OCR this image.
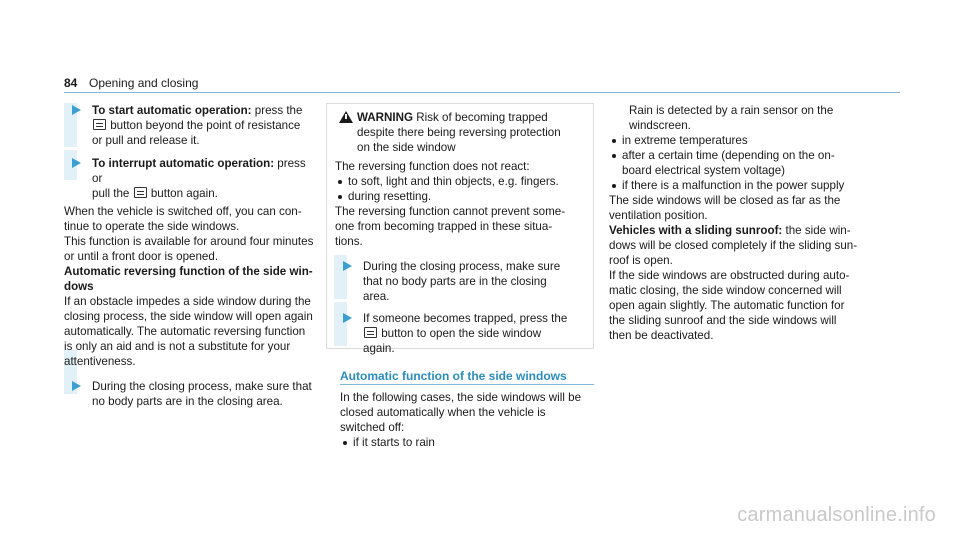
84 Opening and closing

To start automatic operation: press the

button beyond the point of resistance

or pull and release it.

To interrupt automatic operation: press or

pull the  button again.

When the vehicle is switched off, you can con-

tinue to operate the side windows.

This function is available for around four minutes

or until a front door is opened.

Automatic reversing function of the side win-

dows

If an obstacle impedes a side window during the

closing process, the side window will open again

automatically. The automatic reversing function

is only an aid and is not a substitute for your

attentiveness.

During the closing process, make sure that

no body parts are in the closing area.

WARNING Risk of becoming trapped

despite there being reversing protection

on the side window

The reversing function does not react:

to soft, light and thin objects, e.g. fingers.
during resetting.

The reversing function cannot prevent some-

one from becoming trapped in these situa-

tions.

During the closing process, make sure

that no body parts are in the closing

area.

If someone becomes trapped, press the

button to open the side window

again.

Automatic function of the side windows

In the following cases, the side windows will be

closed automatically when the vehicle is

switched off:

if it starts to rain

Rain is detected by a rain sensor on the

windscreen.

in extreme temperatures
after a certain time (depending on the on-
board electrical system voltage)
if there is a malfunction in the power supply

The side windows will be closed as far as the

ventilation position.

Vehicles with a sliding sunroof: the side win-

dows will be closed completely if the sliding sun-

roof is open.

If the side windows are obstructed during auto-

matic closing, the side window concerned will

open again slightly. The automatic function for

the sliding sunroof and the side windows will

then be deactivated.

carmanualsonline.info
